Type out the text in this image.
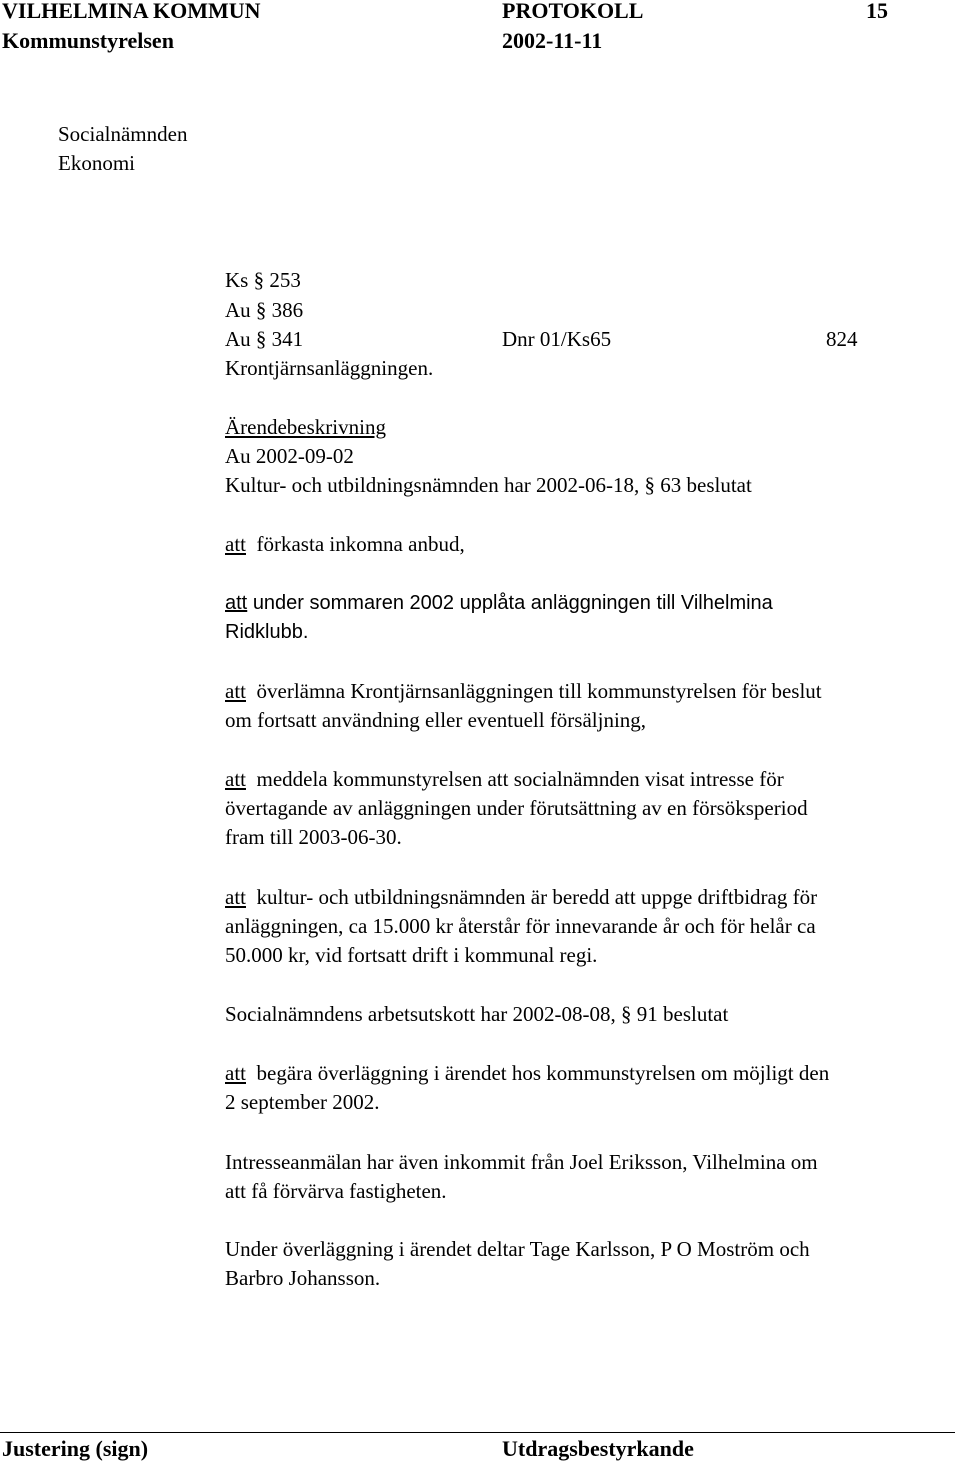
VILHELMINA KOMMUN	PROTOKOLL	15
Kommunstyrelsen	2002-11-11
Socialnämnden
Ekonomi
Ks § 253
Au § 386
Au § 341	Dnr 01/Ks65	824
Krontjärnsanläggningen.
Ärendebeskrivning
Au 2002-09-02
Kultur- och utbildningsnämnden har 2002-06-18, § 63 beslutat
att förkasta inkomna anbud,
att under sommaren 2002 upplåta anläggningen till Vilhelmina
Ridklubb.
att överlämna Krontjärnsanläggningen till kommunstyrelsen för beslut
om fortsatt användning eller eventuell försäljning,
att meddela kommunstyrelsen att socialnämnden visat intresse för
övertagande av anläggningen under förutsättning av en försöksperiod
fram till 2003-06-30.
att kultur- och utbildningsnämnden är beredd att uppge driftbidrag för
anläggningen, ca 15.000 kr återstår för innevarande år och för helår ca
50.000 kr, vid fortsatt drift i kommunal regi.
Socialnämndens arbetsutskott har 2002-08-08, § 91 beslutat
att begära överläggning i ärendet hos kommunstyrelsen om möjligt den
2 september 2002.
Intresseanmälan har även inkommit från Joel Eriksson, Vilhelmina om
att få förvärva fastigheten.
Under överläggning i ärendet deltar Tage Karlsson, P O Moström och
Barbro Johansson.
Justering (sign)	Utdragsbestyrkande
